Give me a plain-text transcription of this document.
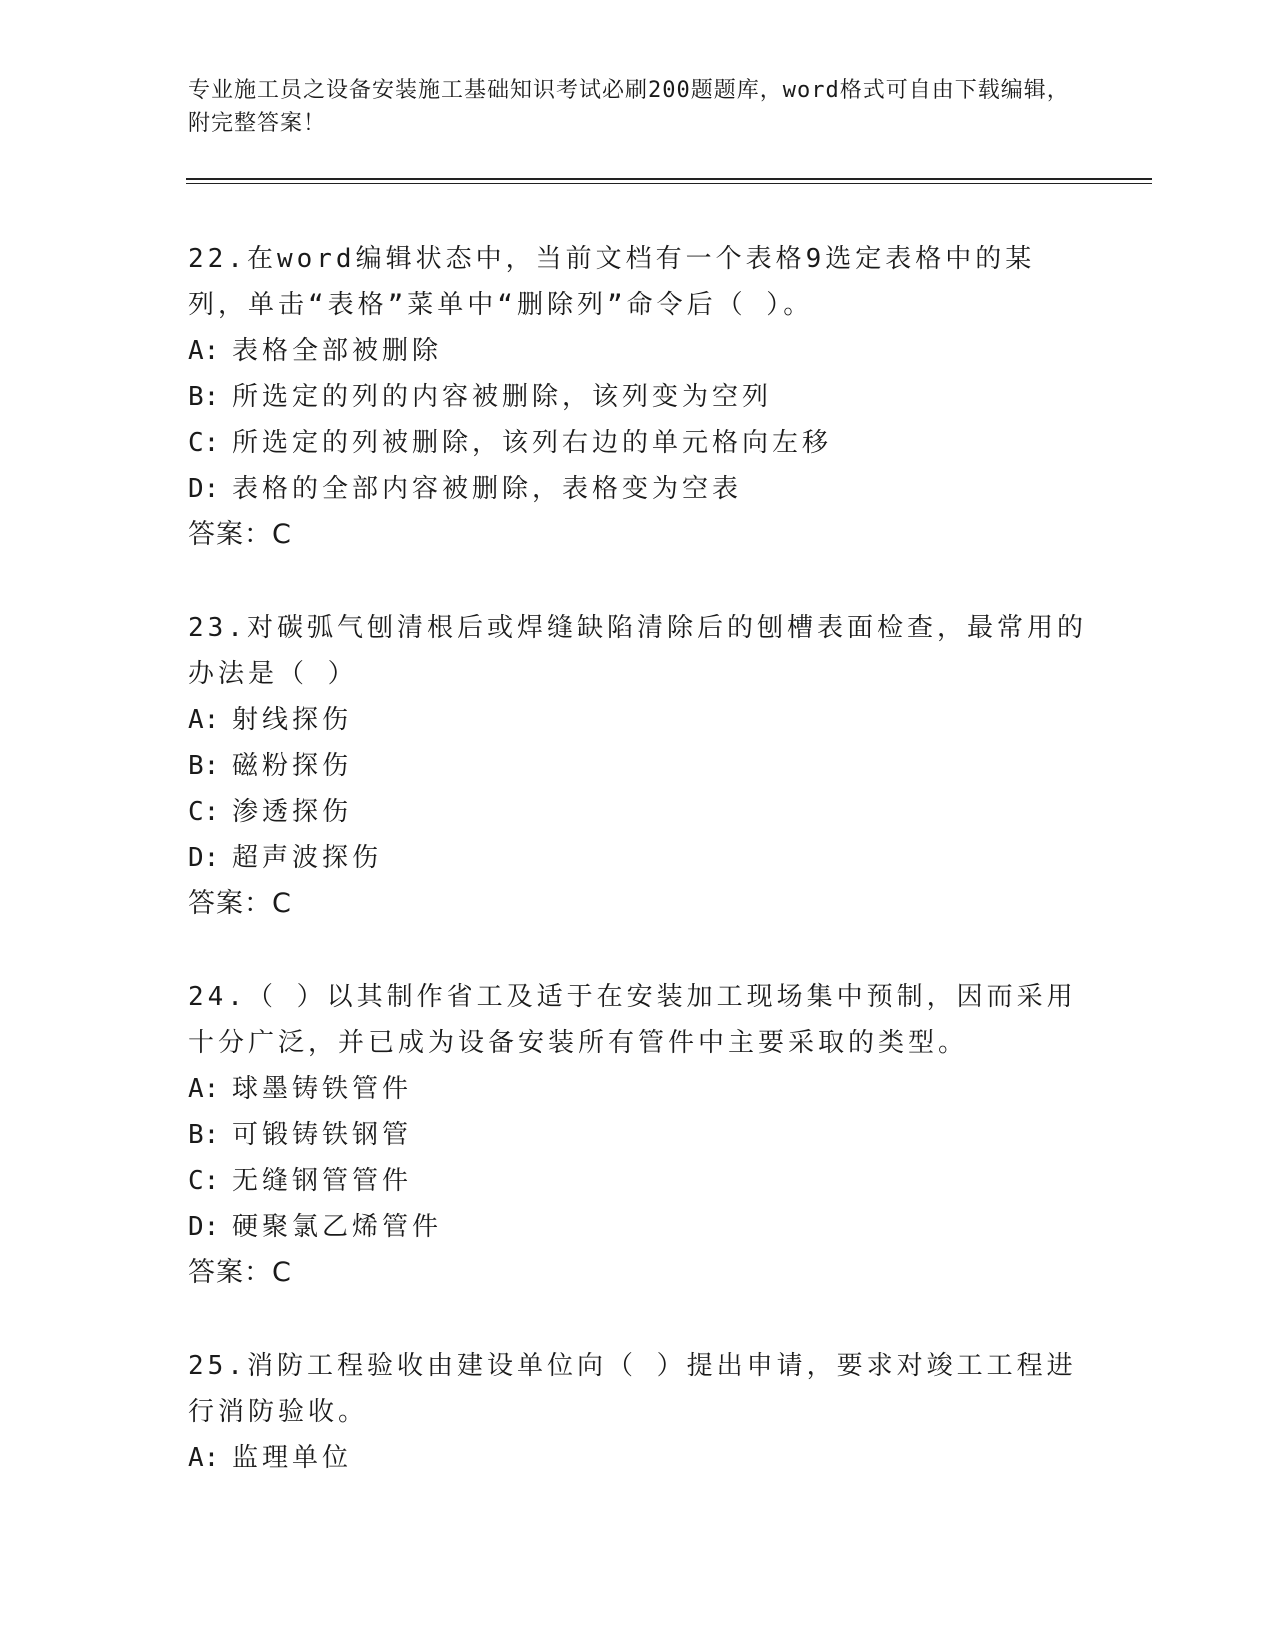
专业施工员之设备安装施工基础知识考试必刷200题题库，word格式可自由下载编辑，附完整答案！

22.在word编辑状态中，当前文档有一个表格9选定表格中的某列，单击“表格”菜单中“删除列”命令后（ ）。

A: 表格全部被删除

B: 所选定的列的内容被删除，该列变为空列

C: 所选定的列被删除，该列右边的单元格向左移

D: 表格的全部内容被删除，表格变为空表

答案：C

23.对碳弧气刨清根后或焊缝缺陷清除后的刨槽表面检查，最常用的办法是（ ）

A: 射线探伤

B: 磁粉探伤

C: 渗透探伤

D: 超声波探伤

答案：C

24.（ ）以其制作省工及适于在安装加工现场集中预制，因而采用十分广泛，并已成为设备安装所有管件中主要采取的类型。

A: 球墨铸铁管件

B: 可锻铸铁钢管

C: 无缝钢管管件

D: 硬聚氯乙烯管件

答案：C

25.消防工程验收由建设单位向（ ）提出申请，要求对竣工工程进行消防验收。

A: 监理单位
